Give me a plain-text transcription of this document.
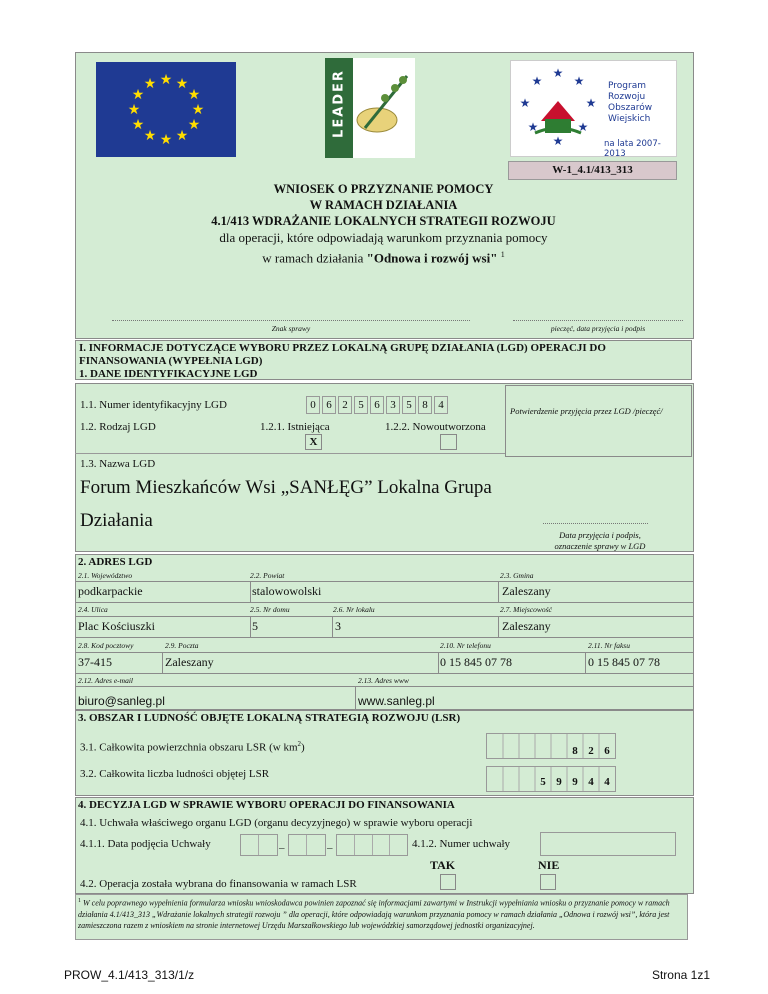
★ ★
★
★
★
★
★
★
★
★
★
★	LEADER	★
★
★
★
★
★
★
★	Program
Rozwoju
Obszarów
Wiejskich
na lata 2007-2013
W-1_4.1/413_313
WNIOSEK O PRZYZNANIE POMOCY
W RAMACH DZIAŁANIA
4.1/413 WDRAŻANIE LOKALNYCH STRATEGII ROZWOJU
dla operacji, które odpowiadają warunkom przyznania pomocy
w ramach działania "Odnowa i rozwój wsi" $^1$
Znak sprawy	pieczęć, data przyjęcia i podpis
I. INFORMACJE DOTYCZĄCE WYBORU PRZEZ LOKALNĄ GRUPĘ DZIAŁANIA (LGD) OPERACJI DO FINANSOWANIA (WYPEŁNIA LGD)
1. DANE IDENTYFIKACYJNE LGD
Potwierdzenie przyjęcia przez LGD /pieczęć/
1.1. Numer identyfikacyjny LGD	0 6 2 5 6 3 5 8 4
1.2. Rodzaj LGD	1.2.1. Istniejąca
X
1.2.2. Nowoutworzona
1.3. Nazwa LGD
Forum Mieszkańców Wsi „SANŁĘG” Lokalna Grupa
Działania
Data przyjęcia i podpis,
oznaczenie sprawy w LGD
2. ADRES LGD
2.1. Województwo	2.2. Powiat	2.3. Gmina
podkarpackie	stalowowolski	Zaleszany
2.4. Ulica	2.5. Nr domu	2.6. Nr lokalu	2.7. Miejscowość
Plac Kościuszki	5	3	Zaleszany
2.8. Kod pocztowy	2.9. Poczta	2.10. Nr telefonu	2.11. Nr faksu
37-415	Zaleszany	0 15 845 07 78	0 15 845 07 78
2.12. Adres e-mail	2.13. Adres www
biuro@sanleg.pl	www.sanleg.pl
3. OBSZAR I LUDNOŚĆ OBJĘTE LOKALNĄ STRATEGIĄ ROZWOJU (LSR)
3.1. Całkowita powierzchnia obszaru LSR (w $km^2$)	8 2 6
3.2. Całkowita liczba ludności objętej LSR
5 9 9 4 4
4. DECYZJA LGD W SPRAWIE WYBORU OPERACJI DO FINANSOWANIA
4.1. Uchwała właściwego organu LGD (organu decyzyjnego) w sprawie wyboru operacji
4.1.1. Data podjęcia Uchwały	–	–	4.1.2. Numer uchwały
TAK	NIE
4.2. Operacja została wybrana do finansowania w ramach LSR
$^1$ W celu poprawnego wypełnienia formularza wniosku wnioskodawca powinien zapoznać się informacjami zawartymi w Instrukcji wypełniania wniosku o przyznanie pomocy w ramach działania 4.1/413_313 „Wdrażanie lokalnych strategii rozwoju ” dla operacji, które odpowiadają warunkom przyznania pomocy w ramach działania „Odnowa i rozwój wsi”, która jest zamieszczona razem z wnioskiem na stronie internetowej Urzędu Marszałkowskiego lub wojewódzkiej samorządowej jednostki organizacyjnej.
PROW_4.1/413_313/1/z	Strona 1z1
